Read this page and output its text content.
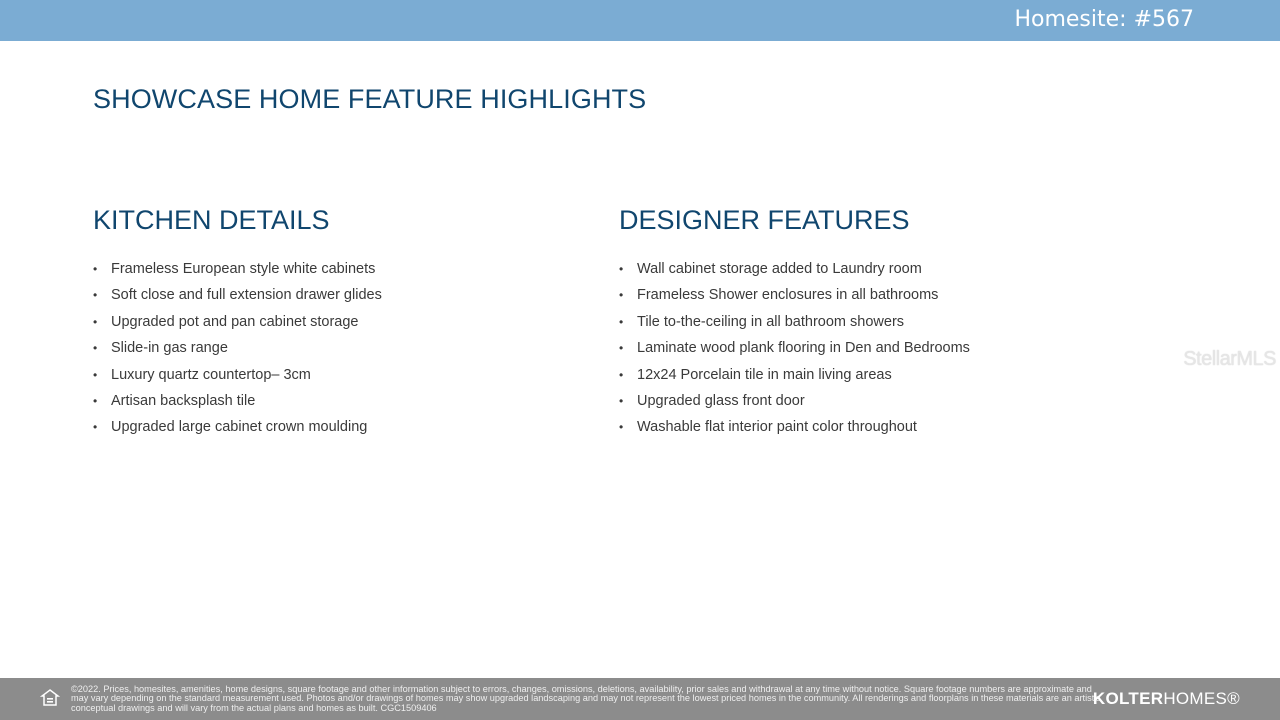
Homesite: #567
SHOWCASE HOME FEATURE HIGHLIGHTS
KITCHEN DETAILS
• Frameless European style white cabinets
• Soft close and full extension drawer glides
• Upgraded pot and pan cabinet storage
• Slide-in gas range
• Luxury quartz countertop– 3cm
• Artisan backsplash tile
• Upgraded large cabinet crown moulding
DESIGNER FEATURES
• Wall cabinet storage added to Laundry room
• Frameless Shower enclosures in all bathrooms
• Tile to-the-ceiling in all bathroom showers
• Laminate wood plank flooring in Den and Bedrooms
• 12x24 Porcelain tile in main living areas
• Upgraded glass front door
• Washable flat interior paint color throughout
StellarMLS
©2022. Prices, homesites, amenities, home designs, square footage and other information subject to errors, changes, omissions, deletions, availability, prior sales and withdrawal at any time without notice. Square footage numbers are approximate and may vary depending on the standard measurement used. Photos and/or drawings of homes may show upgraded landscaping and may not represent the lowest priced homes in the community. All renderings and floorplans in these materials are an artist's conceptual drawings and will vary from the actual plans and homes as built. CGC1509406	KOLTERHOMES®
